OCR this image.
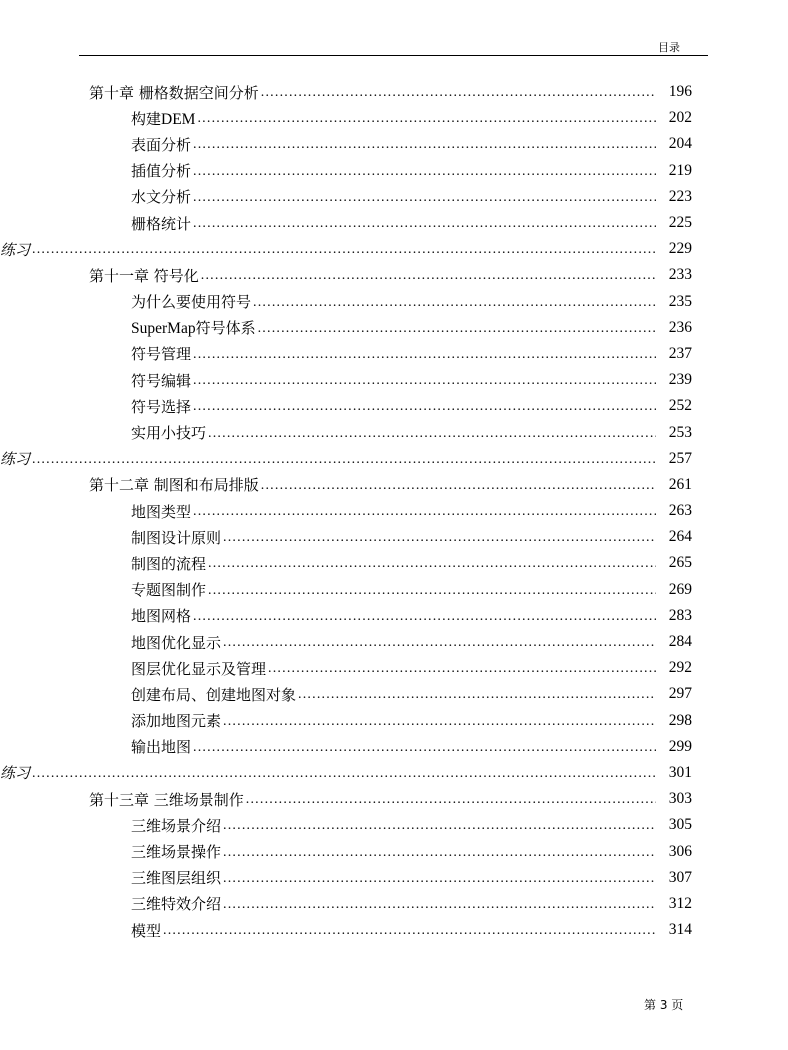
目录
第十章 栅格数据空间分析 .....	196
构建DEM .....	202
表面分析 .....	204
插值分析 .....	219
水文分析 .....	223
栅格统计 .....	225
练习 .....	229
第十一章 符号化 .....	233
为什么要使用符号 .....	235
SuperMap符号体系 .....	236
符号管理 .....	237
符号编辑 .....	239
符号选择 .....	252
实用小技巧 .....	253
练习 .....	257
第十二章 制图和布局排版 .....	261
地图类型 .....	263
制图设计原则 .....	264
制图的流程 .....	265
专题图制作 .....	269
地图网格 .....	283
地图优化显示 .....	284
图层优化显示及管理 .....	292
创建布局、创建地图对象 .....	297
添加地图元素 .....	298
输出地图 .....	299
练习 .....	301
第十三章 三维场景制作 .....	303
三维场景介绍 .....	305
三维场景操作 .....	306
三维图层组织 .....	307
三维特效介绍 .....	312
模型 .....	314
第 3 页
